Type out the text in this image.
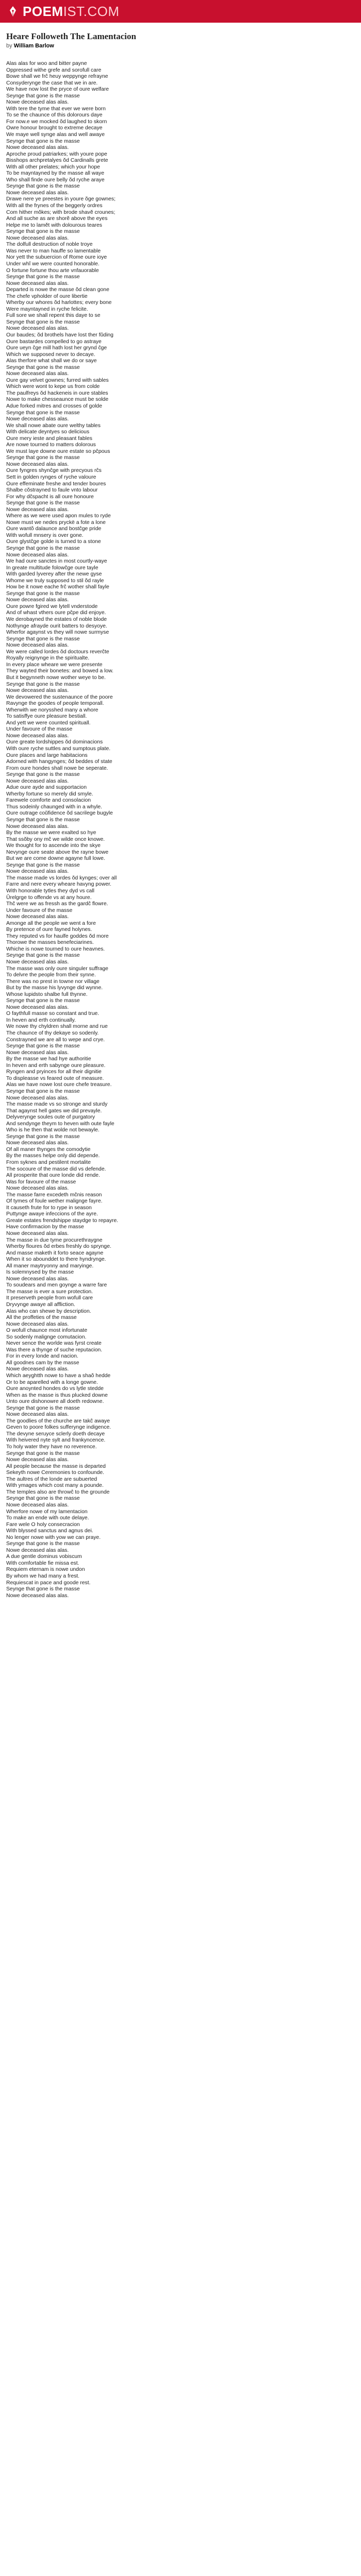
POEM IST.COM
Heare Followeth The Lamentacion
by William Barlow
Alas alas for woo and bitter payne
Oppressed withe grefe and sorofull care
Bowe shall we frĉ heuy weppynge refrayne
Consyderynge the case that we in are.
We have now lost the pryce of oure welfare
Seynge that gone is the masse
Nowe deceased alas alas.
With tere the tyme that ever we were born
To se the chaunce of this dolorours daye
For now.e we mocked ŏd laughed to skorn
Owre honour brought to extreme decaye
We maye well synge alas and well awaye
Seynge that gone is the masse
Nowe deceased alas alas.
Aproche proud patriarkes; with youre pope
Bisshops archpretalyes ŏd Cardinalls grete
With all other prelates; which your hope
To be mayntayned by the masse all waye
Who shall finde oure belly ŏd ryche araye
Seynge that gone is the masse
Nowe deceased alas alas.
Drawe nere ye preestes in youre ŏge gownes;
With all the frynes of the beggerly ordres
Com hither mŏkes; with brode shavĕ crounes;
And all suche as are shorĕ above the eyes
Helpe me to lamĕt with dolourous teares
Seynge that gone is the masse
Nowe deceased alas alas.
The dolfull destruction of noble troye
Was never to man hauffe so lamentable
Nor yett the subuercion of Rome oure ioye
Under whĭ we were counted honorable.
O fortune fortune thou arte vnfauorable
Seynge that gone is the masse
Nowe deceased alas alas.
Departed is nowe the masse ŏd clean gone
The chefe vpholder of oure libertie
Wherby our whores ŏd harlottes; every bone
Were mayntayned in ryche felicite.
Full sore we shall repent this daye to se
Seynge that gone is the masse
Nowe deceased alas alas.
Our baudes; ŏd brothels have lost ther fŭding
Oure bastardes compelled to go astraye
Oure ueyn ĉge mill hath lost her grynd ĉge
Which we supposed never to decaye.
Alas therfore what shall we do or saye
Seynge that gone is the masse
Nowe deceased alas alas.
Oure gay velvet gownes; furred with sables
Which were wont to kepe us from colde
The paulfreys ŏd hackeneis in oure stables
Nowe to make chesseaunce must be solde
Adue forked mitres and crosses of golde
Seynge that gone is the masse
Nowe deceased alas alas.
We shall nowe abate oure welthy tables
With delicate deyntyes so delicious
Oure mery ieste and pleasant fables
Are nowe tourned to matters dolorous
We must laye downe oure estate so pĉpous
Seynge that gone is the masse
Nowe deceased alas alas.
Oure fyngres shynĉge with precyous rĉs
Sett in golden rynges of ryche valoure
Oure effeminate freshe and tender boures
Shalbe cŏstrayned to faule vnto labour
For why dĉspacht is all oure honoure
Seynge that gone is the masse
Nowe deceased alas alas.
Where as we were used apon mules to ryde
Nowe must we nedes pryckë a fote a lone
Oure wantŏ dalaunce and bostĉge pride
With wofull mnsery is over gone.
Oure glystĉge golde is turned to a stone
Seynge that gone is the masse
Nowe deceased alas alas.
We had oure sanctes in most courtly-waye
In greate multitude folowĉge oure tayle
With garded lyverey after the newe gyse
Whome we truly supposed to stil ŏd rayle
How be it nowe eache frĉ wother shall fayle
Seynge that gone is the masse
Nowe deceased alas alas.
Oure powre fgired we lytell vnderstode
And of whast vthers oure pĉpe did enjoye.
We derobayned the estates of noble blode
Nothynge afrayde ourit batters to desyoye.
Wherfor agaynst vs they will nowe surmyse
Seynge that gone is the masse
Nowe deceased alas alas.
We were called lordes ŏd doctours reverĉte
Royally reignynge in the spiritualte.
In every place wheare we were presente
They wayted their bonetes: and bowed a low.
But it begynneth nowe wother weye to be.
Seynge that gone is the masse
Nowe deceased alas alas.
We devowered the sustenaunce of the poore
Ravynge the goodes of people temporall.
Wherwith we norysshed many a whore
To satisffye oure pleasure bestiall.
And yett we were counted spirituall.
Under favoure of the masse
Nowe deceased alas alas.
Oure greate lordshippes ŏd dominacions
With oure ryche suttles and sumptous plate.
Oure places and large habitacions
Adorned with hangynges; ŏd beddes of state
From oure hondes shall nowe be seperate.
Seynge that gone is the masse
Nowe deceased alas alas.
Adue oure ayde and supportacion
Wherby fortune so merely did smyle.
Farewele comforte and consolacion
Thus sodeinly chaunged with in a whyle.
Oure outrage coŭfidence ŏd sacrilege bugyle
Seynge that gone is the masse
Nowe deceased alas alas.
By the masse we were exalted so hye
That ssŏby ony mĉ we wilde once knowe.
We thought for to ascende into the skye
Nevynge oure seate above the rayne bowe
But we are come downe agayne full lowe.
Seynge that gone is the masse
Nowe deceased alas alas.
The masse made vs lordes ŏd kynges; over all
Farre and nere every wheare havyng power.
With honorable tytles they dyd vs call
Ûrelgrge to offende vs at any houre.
Thĉ were we as fressh as the gardĉ flowre.
Under favoure of the masse
Nowe deceased alas alas.
Amonge all the people we went a fore
By pretence of oure fayned holynes.
They reputed vs for haulfe goddes ŏd more
Thorowe the masses benefeciarines.
Whiche is nowe tourned to oure heavnes.
Seynge that gone is the masse
Nowe deceased alas alas.
The masse was only oure singuler suffrage
To delvre the people from their synne.
There was no prest in towne nor village
But by the masse his lyvynge did wynne.
Whose lupidsto shalbe full thynne.
Seynge that gone is the masse
Nowe deceased alas alas.
O faythfull masse so constant and true.
In heven and erth continually.
We nowe thy chyldren shall morne and rue
The chaunce of thy dekaye so sodenly.
Constrayned we are all to wepe and crye.
Seynge that gone is the masse
Nowe deceased alas alas.
By the masse we had hye authoritie
In heven and erth sabynge oure pleasure.
Ryngen and pryinces for all their dignitie
To displeasse vs feared oute of measure.
Alas we have nowe lost oure chefe treasure.
Seynge that gone is the masse
Nowe deceased alas alas.
The masse made vs so stronge and sturdy
That agaynst hell gates we did prevayle.
Delyverynge soules oute of purgatory
And sendynge theym to heven with oute fayle
Who is he then that wolde not bewayle.
Seynge that gone is the masse
Nowe deceased alas alas.
Of all maner thynges the comodytie
By the masses helpe only did depende.
From syknes and pestilent mortalite
The socoure of the masse did vs defende.
All prosperite that oure londe did rende.
Was for favoure of the masse
Nowe deceased alas alas.
The masse farre excedeth mĉnis reason
Of tymes of foule wether malignge fayre.
It causeth frute for to rype in season
Puttynge awaye infeccions of the ayre.
Greate estates frendshippe staydge to repayre.
Have confirmacion by the masse
Nowe deceased alas alas.
The masse in due tyme procurethraygne
Wherby floures ŏd erbes freshly do sprynge.
And masse maketh it forto seace agayne
When it so abounddet to there hyndrynge.
All maner maytryonny and maryinge.
Is solemnysed by the masse
Nowe deceased alas alas.
To soudears and men goynge a warre fare
The masse is ever a sure protection.
It preserveth people from wofull care
Dryvynge awaye all affliction.
Alas who can shewe by description.
All the proffeties of the masse
Nowe deceased alas alas.
O wofull chaunce most infortunate
So sodenly malignge comutacion.
Never sence the worlde was fyrst create
Was there a thynge of suche reputacion.
For in every londe and nacion.
All goodnes cam by the masse
Nowe deceased alas alas.
Which aeyghtth nowe to have a shaŏ hedde
Or to be aparelled with a longe gowne.
Oure anoynted hondes do vs lytle stedde
When as the masse is thus plucked downe
Unto oure dishonowre all doeth redowne.
Seynge that gone is the masse
Nowe deceased alas alas.
The goodlies of the churche are takĉ awaye
Geven to poore folkes sufferynge indigence.
The devyne seruyce sclerly doeth decaye
With heivered nyte sylt and frankyncence.
To holy water they have no reverence.
Seynge that gone is the masse
Nowe deceased alas alas.
All people because the masse is departed
Sekeyth nowe Ceremonies to confounde.
The aultres of the londe are subuerted
With ymages which cost many a pounde.
The temples also are throwĉ to the grounde
Seynge that gone is the masse
Nowe deceased alas alas.
Wherfore nowe of my lamentacion
To make an ende with oute delaye.
Fare wele O holy consecracion
With blyssed sanctus and agnus dei.
No lenger nowe with yow we can praye.
Seynge that gone is the masse
Nowe deceased alas alas.
A due gentle dominus vobiscum
With comfortable fie missa est.
Requiem eternam is nowe undon
By whom we had many a frest.
Requiescat in pace and goode rest.
Seynge that gone is the masse
Nowe deceased alas alas.
